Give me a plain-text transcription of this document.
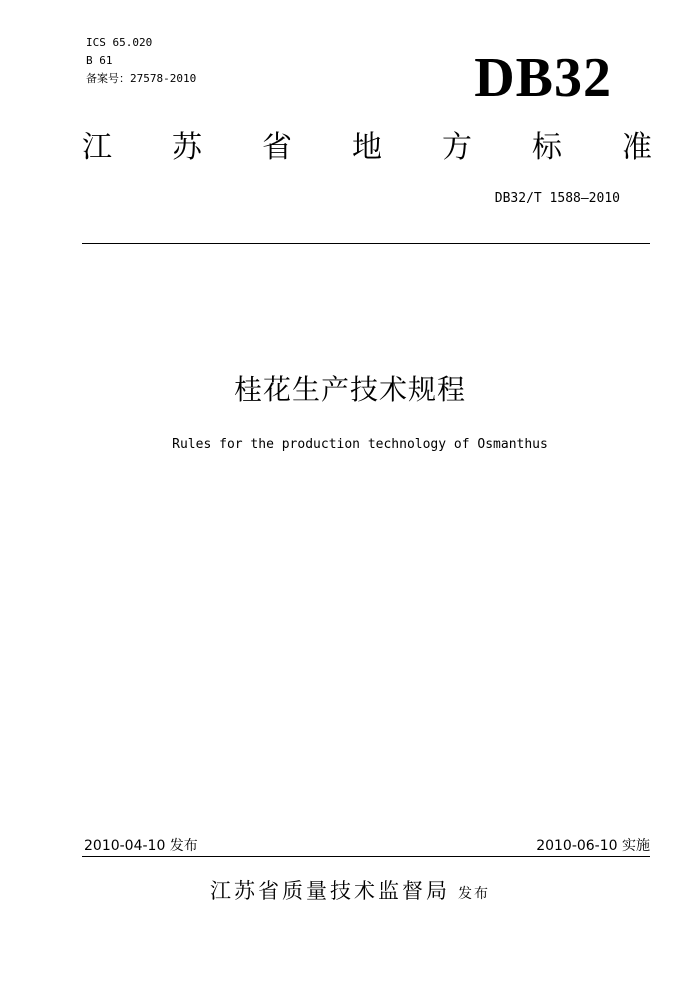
ICS 65.020
B 61
备案号：27578-2010	DB32
江 苏 省 地 方 标 准
DB32/T 1588—2010
桂花生产技术规程
Rules for the production technology of Osmanthus
2010-04-10 发布	2010-06-10 实施
江苏省质量技术监督局 发布
